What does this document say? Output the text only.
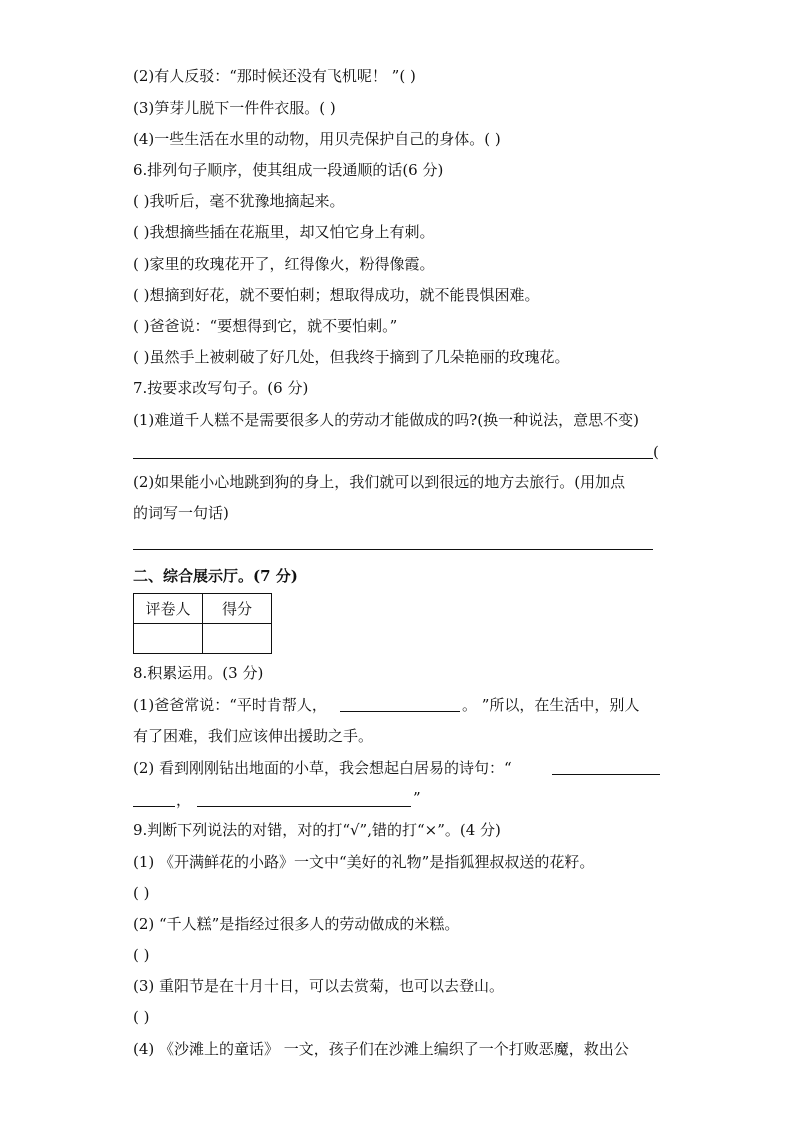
(2)有人反驳：“那时候还没有飞机呢！ ”( )
(3)笋芽儿脱下一件件衣服。( )
(4)一些生活在水里的动物，用贝壳保护自己的身体。( )
6.排列句子顺序，使其组成一段通顺的话(6 分)
( )我听后，毫不犹豫地摘起来。
( )我想摘些插在花瓶里，却又怕它身上有刺。
( )家里的玫瑰花开了，红得像火，粉得像霞。
( )想摘到好花，就不要怕刺；想取得成功，就不能畏惧困难。
( )爸爸说：“要想得到它，就不要怕刺。”
( )虽然手上被刺破了好几处，但我终于摘到了几朵艳丽的玫瑰花。
7.按要求改写句子。(6 分)
(1)难道千人糕不是需要很多人的劳动才能做成的吗?(换一种说法，意思不变)
(
(2)如果能小心地跳到狗的身上，我们就可以到很远的地方去旅行。(用加点
的词写一句话)
二、综合展示厅。(7 分)
评卷人	得分

8.积累运用。(3 分)
(1)爸爸常说：“平时肯帮人，	。 ”所以，在生活中，别人
有了困难，我们应该伸出援助之手。
(2) 看到刚刚钻出地面的小草，我会想起白居易的诗句：“
，	”
9.判断下列说法的对错，对的打“√”,错的打“×”。(4 分)
(1) 《开满鲜花的小路》一文中“美好的礼物”是指狐狸叔叔送的花籽。
( )
(2) “千人糕”是指经过很多人的劳动做成的米糕。
( )
(3) 重阳节是在十月十日，可以去赏菊，也可以去登山。
( )
(4) 《沙滩上的童话》 一文，孩子们在沙滩上编织了一个打败恶魔，救出公
